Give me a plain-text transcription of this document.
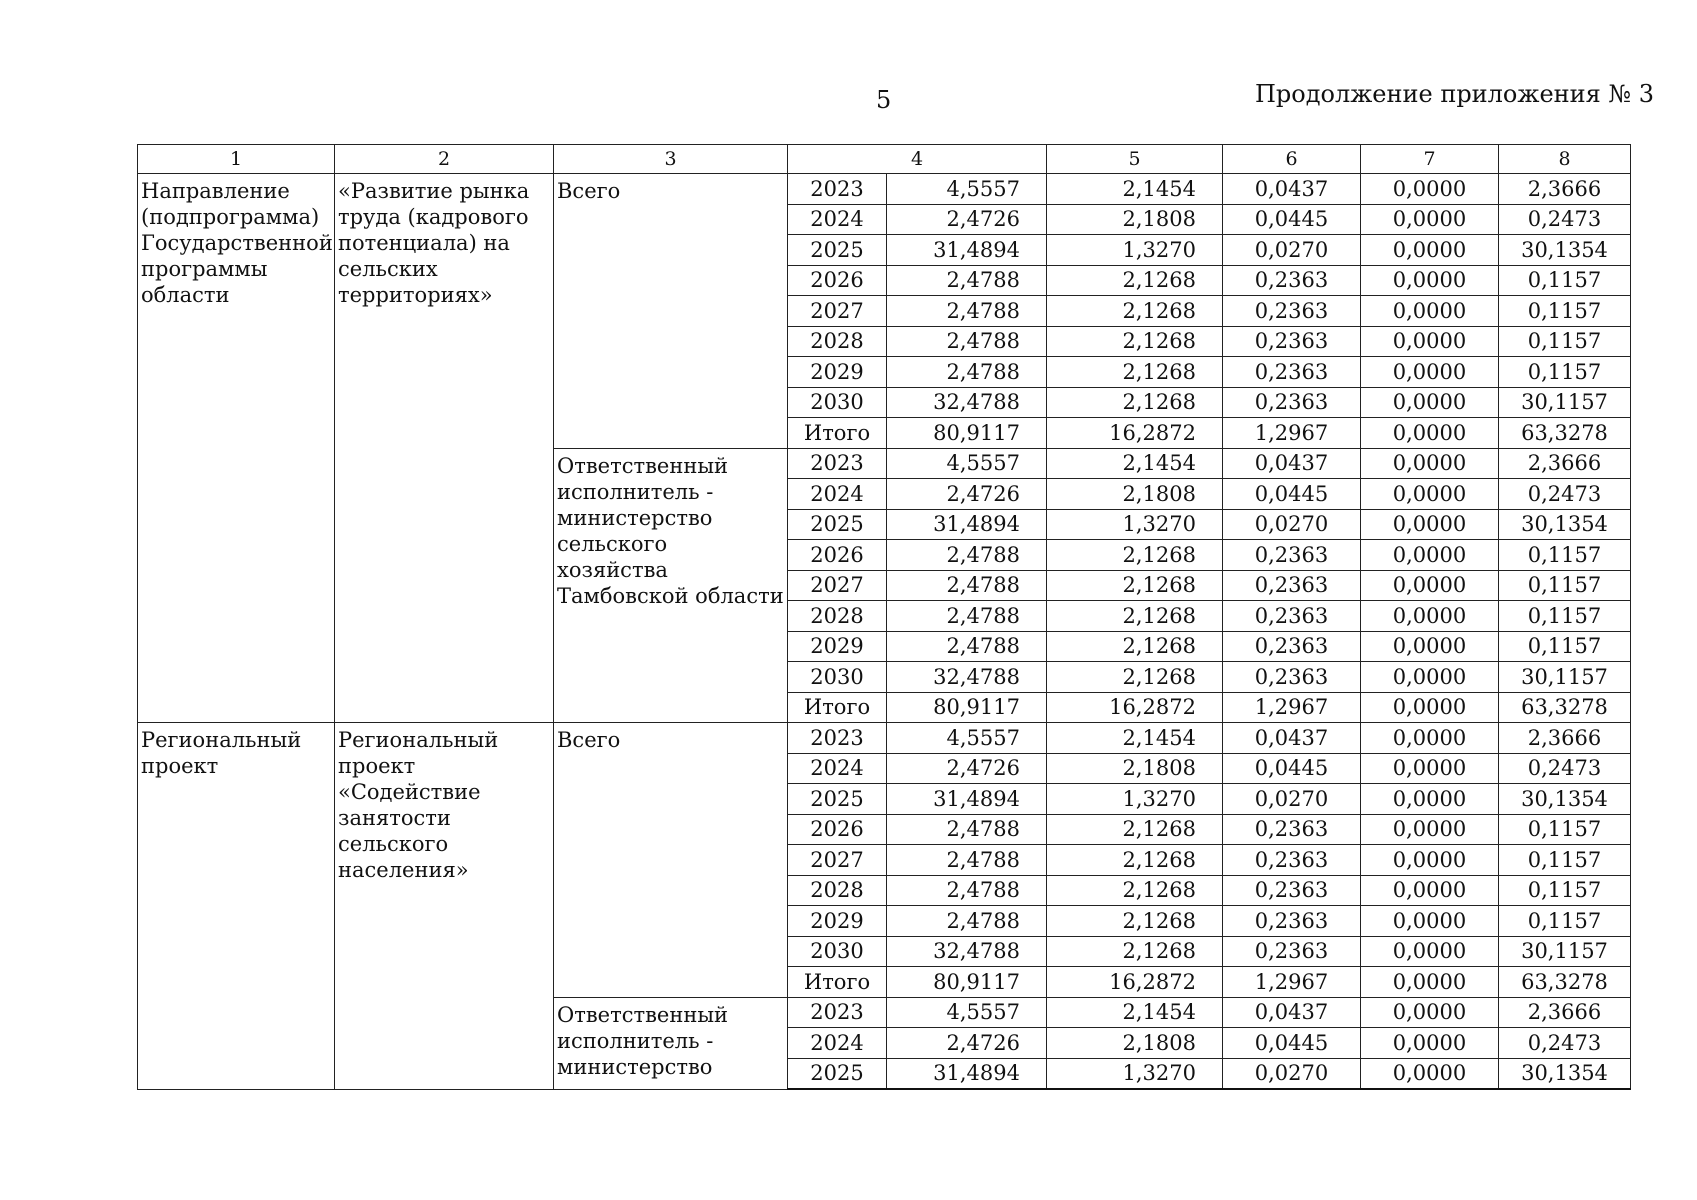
5	Продолжение приложения № 3
1	2	3	4		5	6	7	8
Направление (подпрограмма) Государственной программы области	«Развитие рынка труда (кадрового потенциала) на сельских территориях»	Всего	2023	4,5557	2,1454	0,0437	0,0000	2,3666
			2024	2,4726	2,1808	0,0445	0,0000	0,2473
			2025	31,4894	1,3270	0,0270	0,0000	30,1354
			2026	2,4788	2,1268	0,2363	0,0000	0,1157
			2027	2,4788	2,1268	0,2363	0,0000	0,1157
			2028	2,4788	2,1268	0,2363	0,0000	0,1157
			2029	2,4788	2,1268	0,2363	0,0000	0,1157
			2030	32,4788	2,1268	0,2363	0,0000	30,1157
			Итого	80,9117	16,2872	1,2967	0,0000	63,3278
		Ответственный исполнитель - министерство сельского хозяйства Тамбовской области	2023	4,5557	2,1454	0,0437	0,0000	2,3666
			2024	2,4726	2,1808	0,0445	0,0000	0,2473
			2025	31,4894	1,3270	0,0270	0,0000	30,1354
			2026	2,4788	2,1268	0,2363	0,0000	0,1157
			2027	2,4788	2,1268	0,2363	0,0000	0,1157
			2028	2,4788	2,1268	0,2363	0,0000	0,1157
			2029	2,4788	2,1268	0,2363	0,0000	0,1157
			2030	32,4788	2,1268	0,2363	0,0000	30,1157
			Итого	80,9117	16,2872	1,2967	0,0000	63,3278
Региональный проект	Региональный проект «Содействие занятости сельского населения»	Всего	2023	4,5557	2,1454	0,0437	0,0000	2,3666
			2024	2,4726	2,1808	0,0445	0,0000	0,2473
			2025	31,4894	1,3270	0,0270	0,0000	30,1354
			2026	2,4788	2,1268	0,2363	0,0000	0,1157
			2027	2,4788	2,1268	0,2363	0,0000	0,1157
			2028	2,4788	2,1268	0,2363	0,0000	0,1157
			2029	2,4788	2,1268	0,2363	0,0000	0,1157
			2030	32,4788	2,1268	0,2363	0,0000	30,1157
			Итого	80,9117	16,2872	1,2967	0,0000	63,3278
		Ответственный исполнитель - министерство	2023	4,5557	2,1454	0,0437	0,0000	2,3666
			2024	2,4726	2,1808	0,0445	0,0000	0,2473
			2025	31,4894	1,3270	0,0270	0,0000	30,1354
